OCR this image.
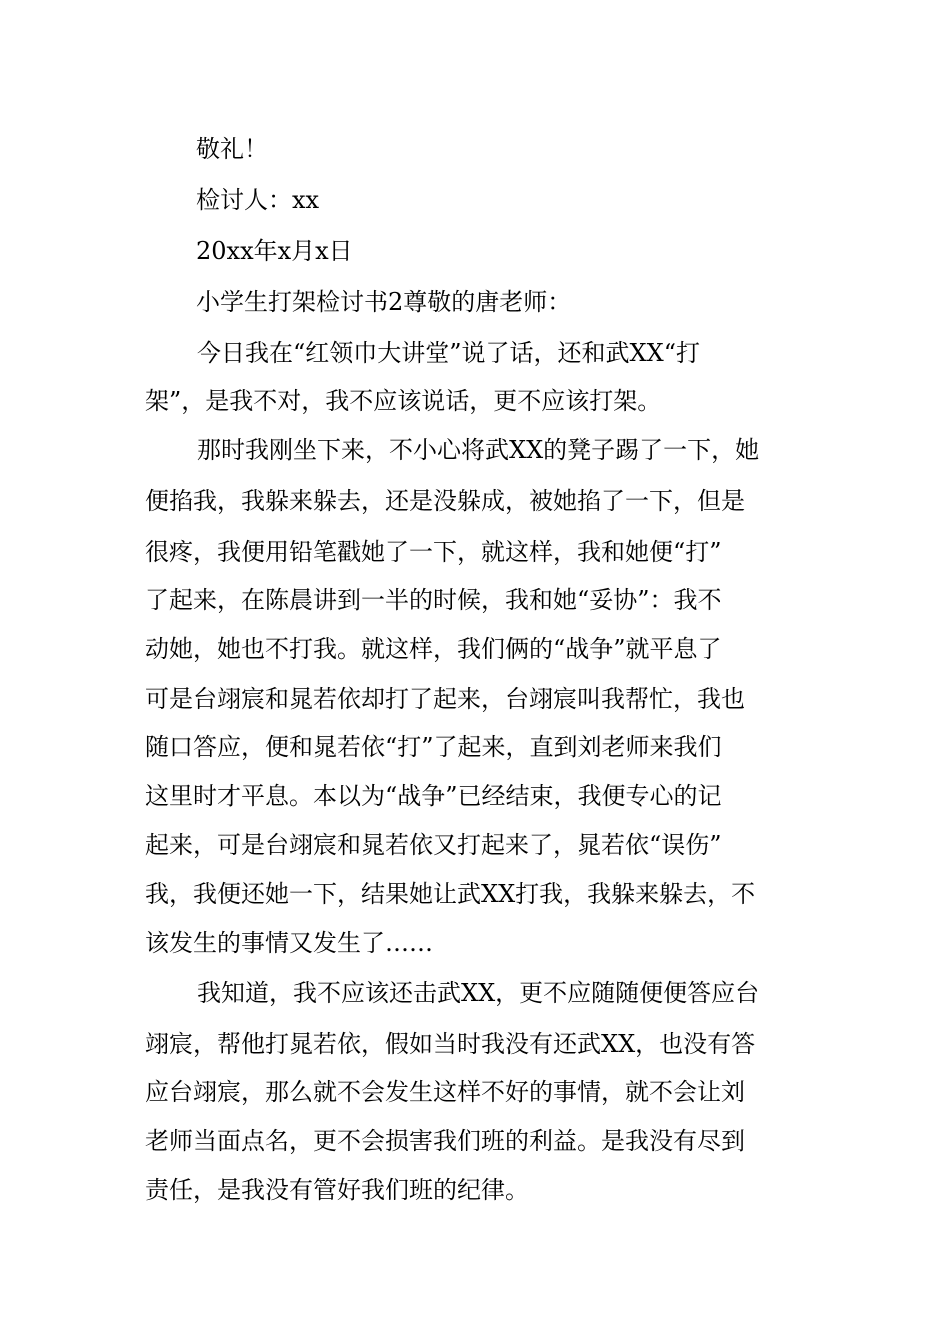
敬礼！
检讨人：xx
20xx年x月x日
小学生打架检讨书2尊敬的唐老师：
今日我在“红领巾大讲堂”说了话，还和武XX“打
架”，是我不对，我不应该说话，更不应该打架。
那时我刚坐下来，不小心将武XX的凳子踢了一下，她
便掐我，我躲来躲去，还是没躲成，被她掐了一下，但是
很疼，我便用铅笔戳她了一下，就这样，我和她便“打”
了起来，在陈晨讲到一半的时候，我和她“妥协”：我不
动她，她也不打我。就这样，我们俩的“战争”就平息了
可是台翊宸和晁若依却打了起来，台翊宸叫我帮忙，我也
随口答应，便和晁若依“打”了起来，直到刘老师来我们
这里时才平息。本以为“战争”已经结束，我便专心的记
起来，可是台翊宸和晁若依又打起来了，晁若依“误伤”
我，我便还她一下，结果她让武XX打我，我躲来躲去，不
该发生的事情又发生了……
我知道，我不应该还击武XX，更不应随随便便答应台
翊宸，帮他打晁若依，假如当时我没有还武XX，也没有答
应台翊宸，那么就不会发生这样不好的事情，就不会让刘
老师当面点名，更不会损害我们班的利益。是我没有尽到
责任，是我没有管好我们班的纪律。
